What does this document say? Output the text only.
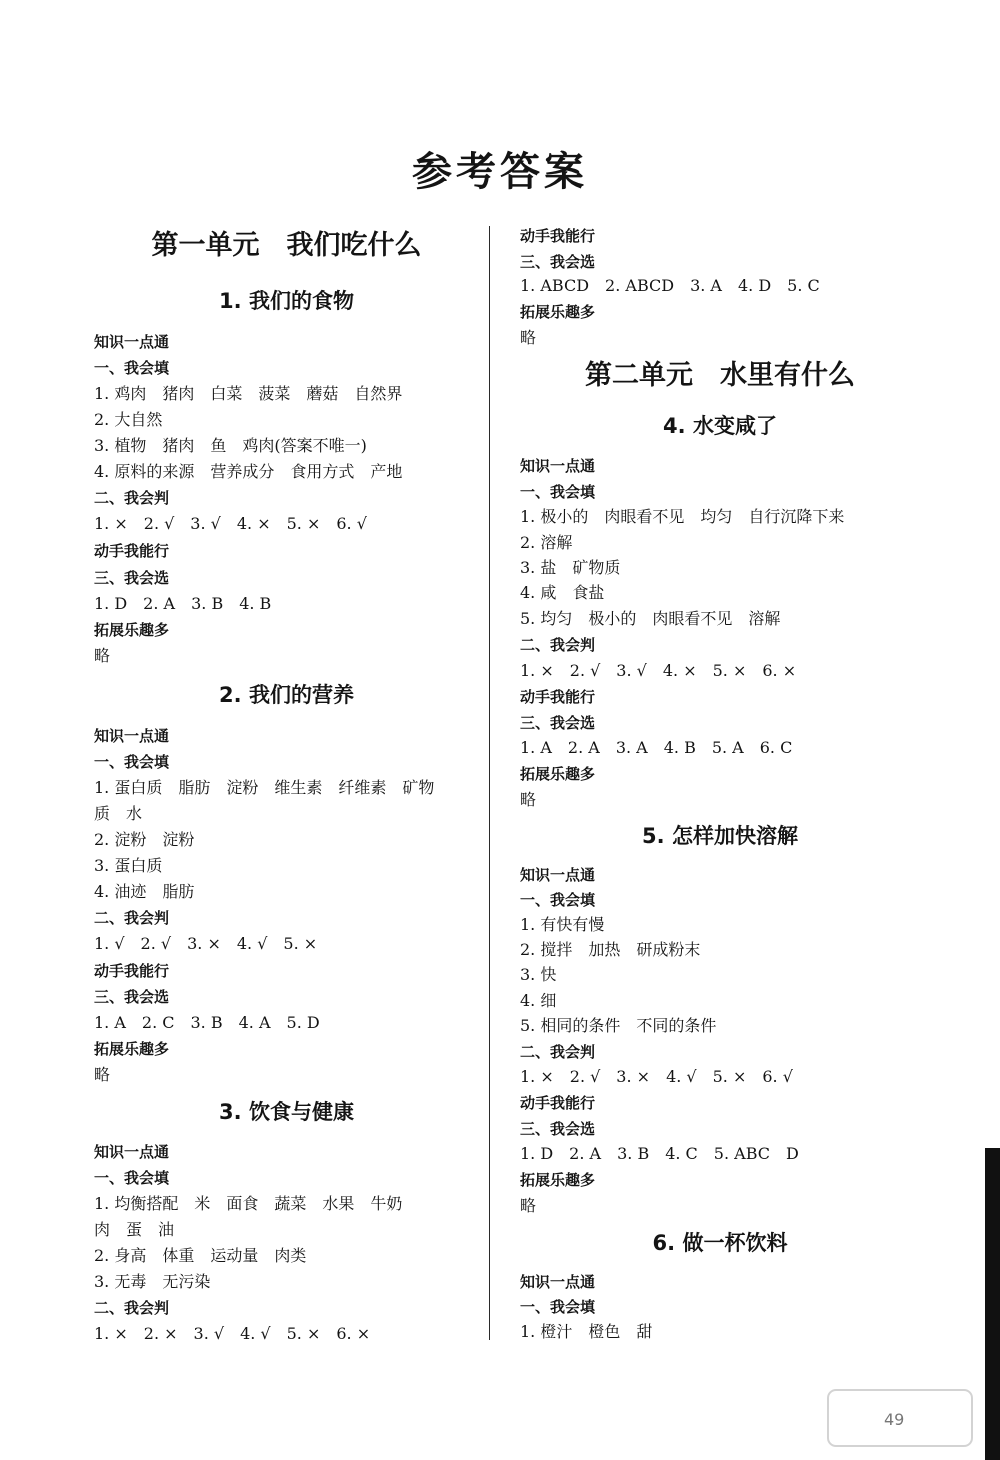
参考答案
第一单元　我们吃什么
1. 我们的食物
知识一点通
一、我会填
1. 鸡肉　猪肉　白菜　菠菜　蘑菇　自然界
2. 大自然
3. 植物　猪肉　鱼　鸡肉(答案不唯一)
4. 原料的来源　营养成分　食用方式　产地
二、我会判
1. ×　2. √　3. √　4. ×　5. ×　6. √
动手我能行
三、我会选
1. D　2. A　3. B　4. B
拓展乐趣多
略
2. 我们的营养
知识一点通
一、我会填
1. 蛋白质　脂肪　淀粉　维生素　纤维素　矿物
质　水
2. 淀粉　淀粉
3. 蛋白质
4. 油迹　脂肪
二、我会判
1. √　2. √　3. ×　4. √　5. ×
动手我能行
三、我会选
1. A　2. C　3. B　4. A　5. D
拓展乐趣多
略
3. 饮食与健康
知识一点通
一、我会填
1. 均衡搭配　米　面食　蔬菜　水果　牛奶
肉　蛋　油
2. 身高　体重　运动量　肉类
3. 无毒　无污染
二、我会判
1. ×　2. ×　3. √　4. √　5. ×　6. ×
动手我能行
三、我会选
1. ABCD　2. ABCD　3. A　4. D　5. C
拓展乐趣多
略
第二单元　水里有什么
4. 水变咸了
知识一点通
一、我会填
1. 极小的　肉眼看不见　均匀　自行沉降下来
2. 溶解
3. 盐　矿物质
4. 咸　食盐
5. 均匀　极小的　肉眼看不见　溶解
二、我会判
1. ×　2. √　3. √　4. ×　5. ×　6. ×
动手我能行
三、我会选
1. A　2. A　3. A　4. B　5. A　6. C
拓展乐趣多
略
5. 怎样加快溶解
知识一点通
一、我会填
1. 有快有慢
2. 搅拌　加热　研成粉末
3. 快
4. 细
5. 相同的条件　不同的条件
二、我会判
1. ×　2. √　3. ×　4. √　5. ×　6. √
动手我能行
三、我会选
1. D　2. A　3. B　4. C　5. ABC　D
拓展乐趣多
略
6. 做一杯饮料
知识一点通
一、我会填
1. 橙汁　橙色　甜
49
